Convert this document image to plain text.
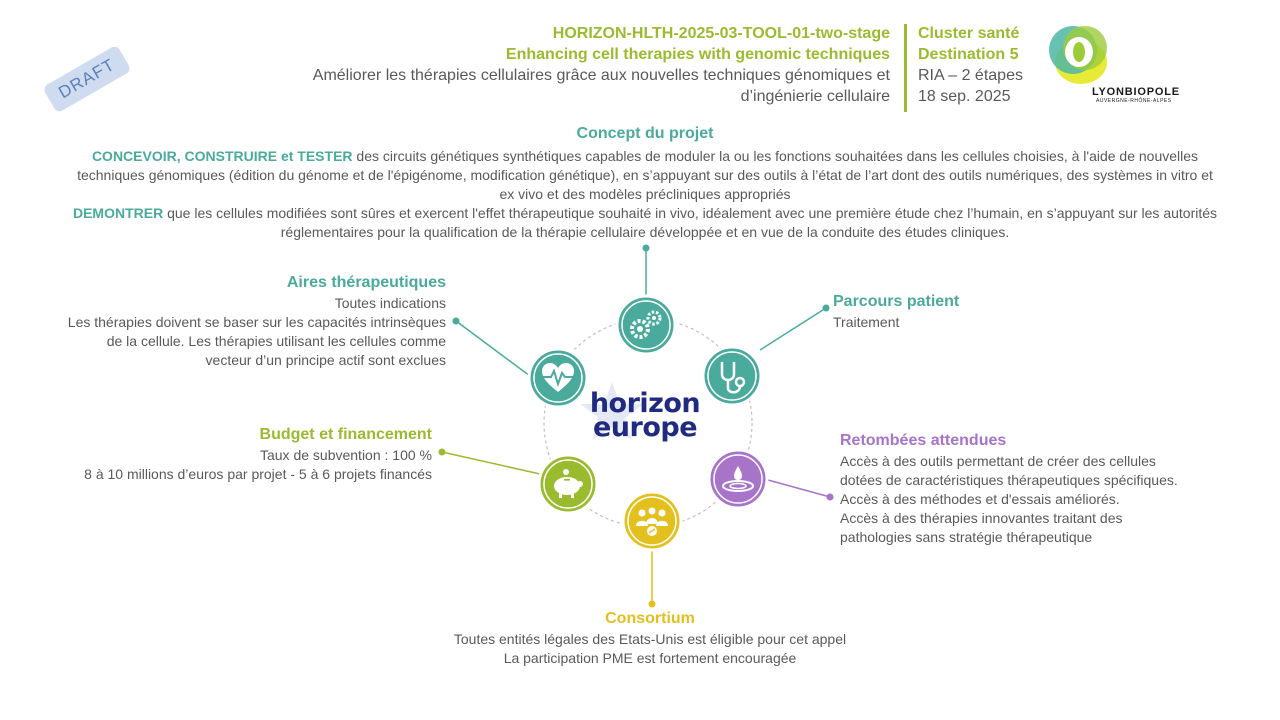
DRAFT
HORIZON-HLTH-2025-03-TOOL-01-two-stage
Enhancing cell therapies with genomic techniques
Améliorer les thérapies cellulaires grâce aux nouvelles techniques génomiques et
d’ingénierie cellulaire
Cluster santé
Destination 5
RIA – 2 étapes
18 sep. 2025	LYONBIOPOLE
AUVERGNE-RHÔNE-ALPES
Concept du projet
CONCEVOIR, CONSTRUIRE et TESTER des circuits génétiques synthétiques capables de moduler la ou les fonctions souhaitées dans les cellules choisies, à l'aide de nouvelles techniques génomiques (édition du génome et de l'épigénome, modification génétique), en s’appuyant sur des outils à l’état de l’art dont des outils numériques, des systèmes in vitro et ex vivo et des modèles précliniques appropriés
DEMONTRER que les cellules modifiées sont sûres et exercent l'effet thérapeutique souhaité in vivo, idéalement avec une première étude chez l’humain, en s’appuyant sur les autorités réglementaires pour la qualification de la thérapie cellulaire développée et en vue de la conduite des études cliniques.
horizon
europe
Aires thérapeutiques
Toutes indications
Les thérapies doivent se baser sur les capacités intrinsèques de la cellule. Les thérapies utilisant les cellules comme vecteur d’un principe actif sont exclues
Budget et financement
Taux de subvention : 100 %
8 à 10 millions d’euros par projet - 5 à 6 projets financés
Parcours patient
Traitement
Retombées attendues
Accès à des outils permettant de créer des cellules dotées de caractéristiques thérapeutiques spécifiques.
Accès à des méthodes et d'essais améliorés.
Accès à des thérapies innovantes traitant des pathologies sans stratégie thérapeutique
Consortium
Toutes entités légales des Etats-Unis est éligible pour cet appel
La participation PME est fortement encouragée
